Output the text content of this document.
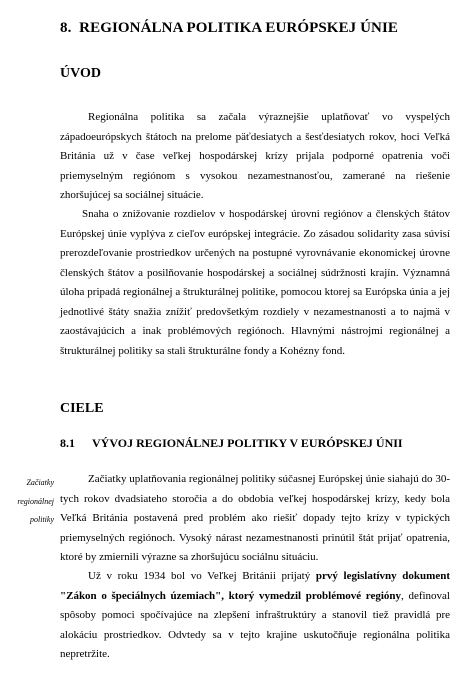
8. REGIONÁLNA POLITIKA EURÓPSKEJ ÚNIE
ÚVOD

Regionálna politika sa začala výraznejšie uplatňovať vo vyspelých západoeurópskych štátoch na prelome päťdesiatych a šesťdesiatych rokov, hoci Veľká Británia už v čase veľkej hospodárskej krízy prijala podporné opatrenia voči priemyselným regiónom s vysokou nezamestnanosťou, zamerané na riešenie zhoršujúcej sa sociálnej situácie.

Snaha o znižovanie rozdielov v hospodárskej úrovni regiónov a členských štátov Európskej únie vyplýva z cieľov európskej integrácie. Zo zásadou solidarity zasa súvisí prerozdeľovanie prostriedkov určených na postupné vyrovnávanie ekonomickej úrovne členských štátov a posilňovanie hospodárskej a sociálnej súdržnosti krajín. Významná úloha pripadá regionálnej a štrukturálnej politike, pomocou ktorej sa Európska únia a jej jednotlivé štáty snažia znížiť predovšetkým rozdiely v nezamestnanosti a to najmä v zaostávajúcich a inak problémových regiónoch. Hlavnými nástrojmi regionálnej a štrukturálnej politiky sa stali štrukturálne fondy a Kohézny fond.

CIELE
8.1 VÝVOJ REGIONÁLNEJ POLITIKY V EURÓPSKEJ ÚNII
Začiatky
regionálnej
politiky

Začiatky uplatňovania regionálnej politiky súčasnej Európskej únie siahajú do 30-tych rokov dvadsiateho storočia a do obdobia veľkej hospodárskej krízy, kedy bola Veľká Británia postavená pred problém ako riešiť dopady tejto krízy v typických priemyselných regiónoch. Vysoký nárast nezamestnanosti prinútil štát prijať opatrenia, ktoré by zmiernili výrazne sa zhoršujúcu sociálnu situáciu.

Už v roku 1934 bol vo Veľkej Británii prijatý prvý legislatívny dokument "Zákon o špeciálnych územiach", ktorý vymedzil problémové regióny, definoval spôsoby pomoci spočívajúce na zlepšení infraštruktúry a stanovil tiež pravidlá pre alokáciu prostriedkov. Odvtedy sa v tejto krajine uskutočňuje regionálna politika nepretržite.
